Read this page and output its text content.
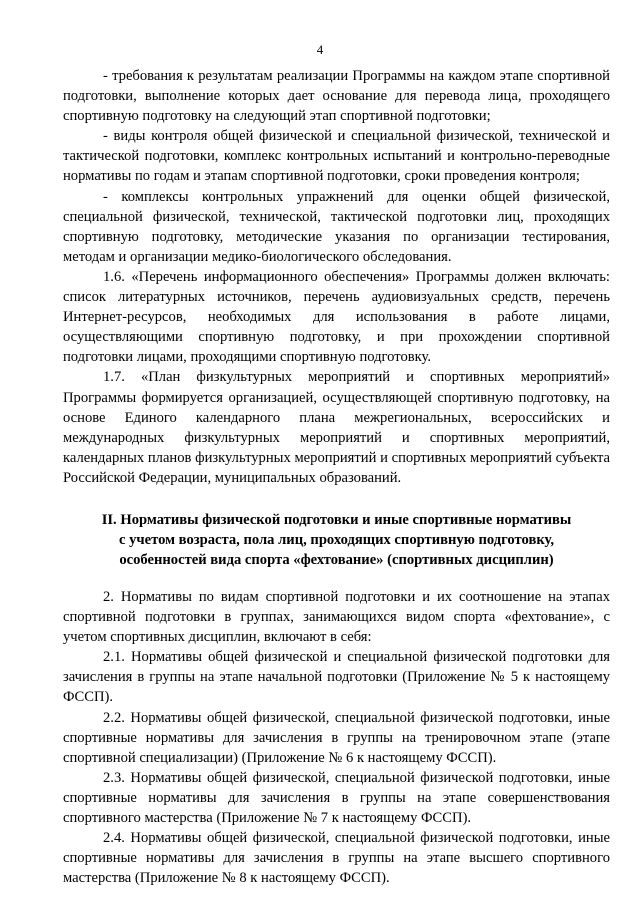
4

- требования к результатам реализации Программы на каждом этапе спортивной подготовки, выполнение которых дает основание для перевода лица, проходящего спортивную подготовку на следующий этап спортивной подготовки;

- виды контроля общей физической и специальной физической, технической и тактической подготовки, комплекс контрольных испытаний и контрольно-переводные нормативы по годам и этапам спортивной подготовки, сроки проведения контроля;

- комплексы контрольных упражнений для оценки общей физической, специальной физической, технической, тактической подготовки лиц, проходящих спортивную подготовку, методические указания по организации тестирования, методам и организации медико-биологического обследования.

1.6. «Перечень информационного обеспечения» Программы должен включать: список литературных источников, перечень аудиовизуальных средств, перечень Интернет-ресурсов, необходимых для использования в работе лицами, осуществляющими спортивную подготовку, и при прохождении спортивной подготовки лицами, проходящими спортивную подготовку.

1.7. «План физкультурных мероприятий и спортивных мероприятий» Программы формируется организацией, осуществляющей спортивную подготовку, на основе Единого календарного плана межрегиональных, всероссийских и международных физкультурных мероприятий и спортивных мероприятий, календарных планов физкультурных мероприятий и спортивных мероприятий субъекта Российской Федерации, муниципальных образований.

II. Нормативы физической подготовки и иные спортивные нормативы
с учетом возраста, пола лиц, проходящих спортивную подготовку,
особенностей вида спорта «фехтование» (спортивных дисциплин)

2. Нормативы по видам спортивной подготовки и их соотношение на этапах спортивной подготовки в группах, занимающихся видом спорта «фехтование», с учетом спортивных дисциплин, включают в себя:

2.1. Нормативы общей физической и специальной физической подготовки для зачисления в группы на этапе начальной подготовки (Приложение № 5 к настоящему ФССП).

2.2. Нормативы общей физической, специальной физической подготовки, иные спортивные нормативы для зачисления в группы на тренировочном этапе (этапе спортивной специализации) (Приложение № 6 к настоящему ФССП).

2.3. Нормативы общей физической, специальной физической подготовки, иные спортивные нормативы для зачисления в группы на этапе совершенствования спортивного мастерства (Приложение № 7 к настоящему ФССП).

2.4. Нормативы общей физической, специальной физической подготовки, иные спортивные нормативы для зачисления в группы на этапе высшего спортивного мастерства (Приложение № 8 к настоящему ФССП).
